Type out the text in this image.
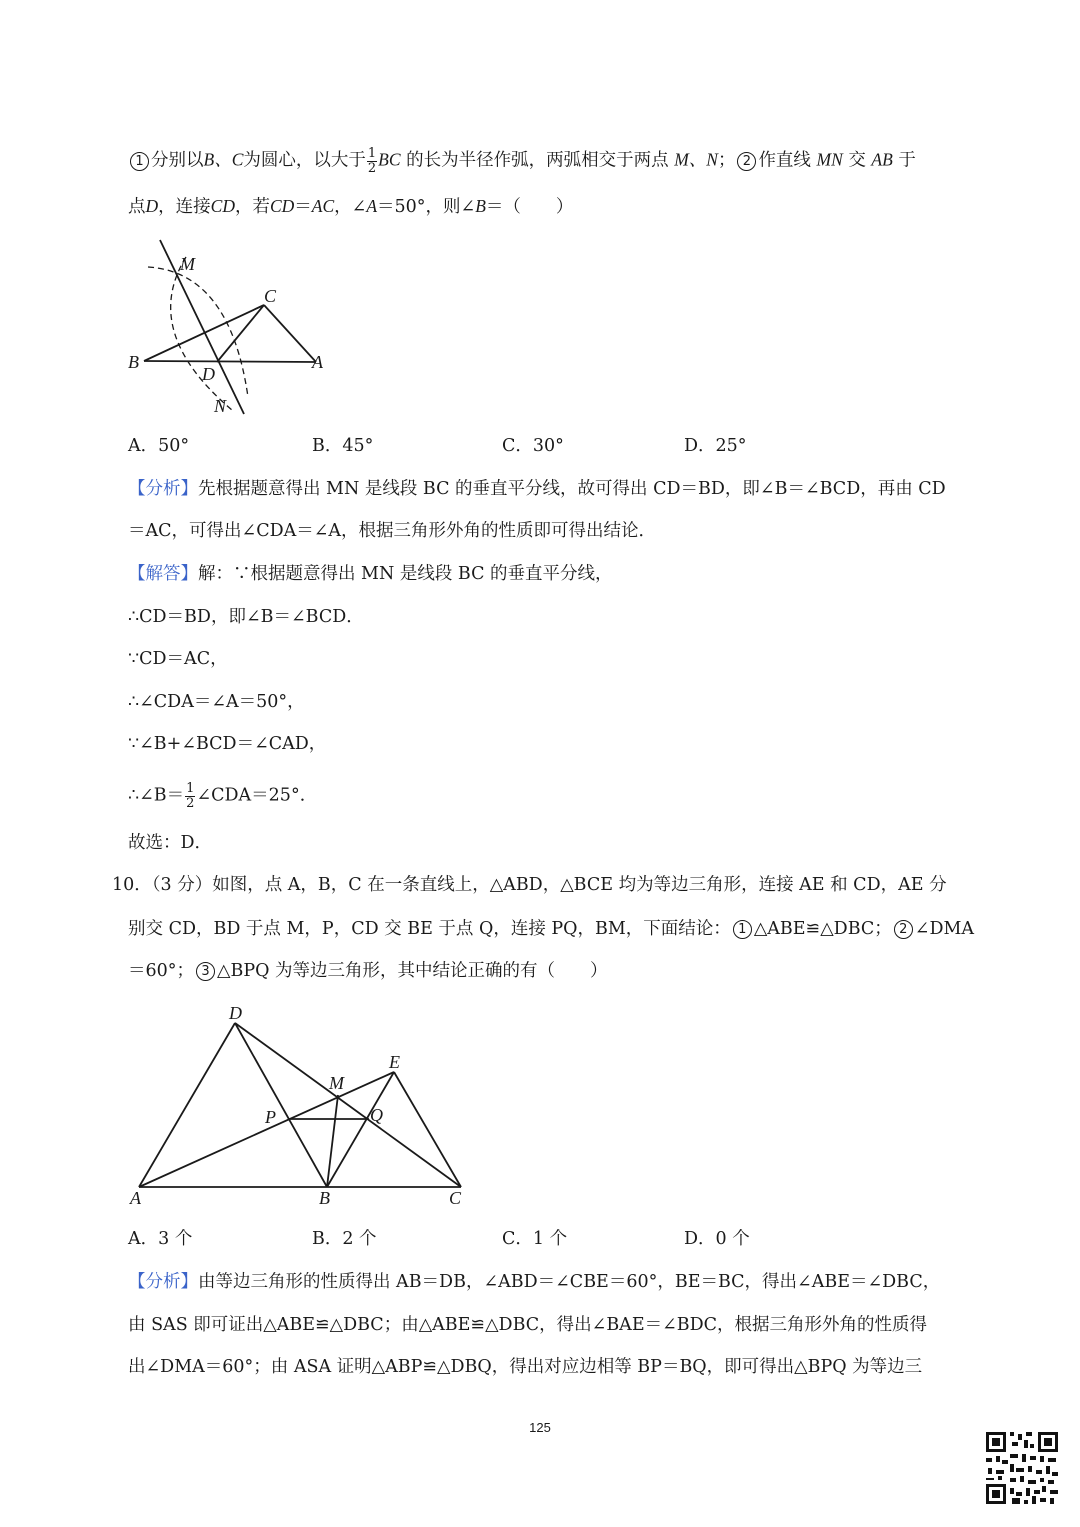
1 分别以B、C为圆心，以大于 $\frac{1}{2}$ BC 的长为半径作弧，两弧相交于两点 M、N； 2 作直线 MN 交 AB 于
点D，连接CD，若CD＝AC，∠A＝50°，则∠B＝（　　）
M
C
B	A
D
N
A．50°	B．45°	C．30°	D．25°
【分析】先根据题意得出 MN 是线段 BC 的垂直平分线，故可得出 CD＝BD，即∠B＝∠BCD，再由 CD
＝AC，可得出∠CDA＝∠A，根据三角形外角的性质即可得出结论．
【解答】解：∵根据题意得出 MN 是线段 BC 的垂直平分线，
∴CD＝BD，即∠B＝∠BCD．
∵CD＝AC，
∴∠CDA＝∠A＝50°，
∵∠B+∠BCD＝∠CAD，
∴∠B＝ $\frac{1}{2}$ ∠CDA＝25°．
故选：D．
10．（3 分）如图，点 A，B，C 在一条直线上，△ABD，△BCE 均为等边三角形，连接 AE 和 CD，AE 分
别交 CD，BD 于点 M，P，CD 交 BE 于点 Q，连接 PQ，BM，下面结论： 1 △ABE≌△DBC； 2 ∠DMA
＝60°； 3 △BPQ 为等边三角形，其中结论正确的有（　　）
D
E
M
P	Q
A	B	C
A．3 个	B．2 个	C．1 个	D．0 个
【分析】由等边三角形的性质得出 AB＝DB，∠ABD＝∠CBE＝60°，BE＝BC，得出∠ABE＝∠DBC，
由 SAS 即可证出△ABE≌△DBC；由△ABE≌△DBC，得出∠BAE＝∠BDC，根据三角形外角的性质得
出∠DMA＝60°；由 ASA 证明△ABP≌△DBQ，得出对应边相等 BP＝BQ，即可得出△BPQ 为等边三
125
